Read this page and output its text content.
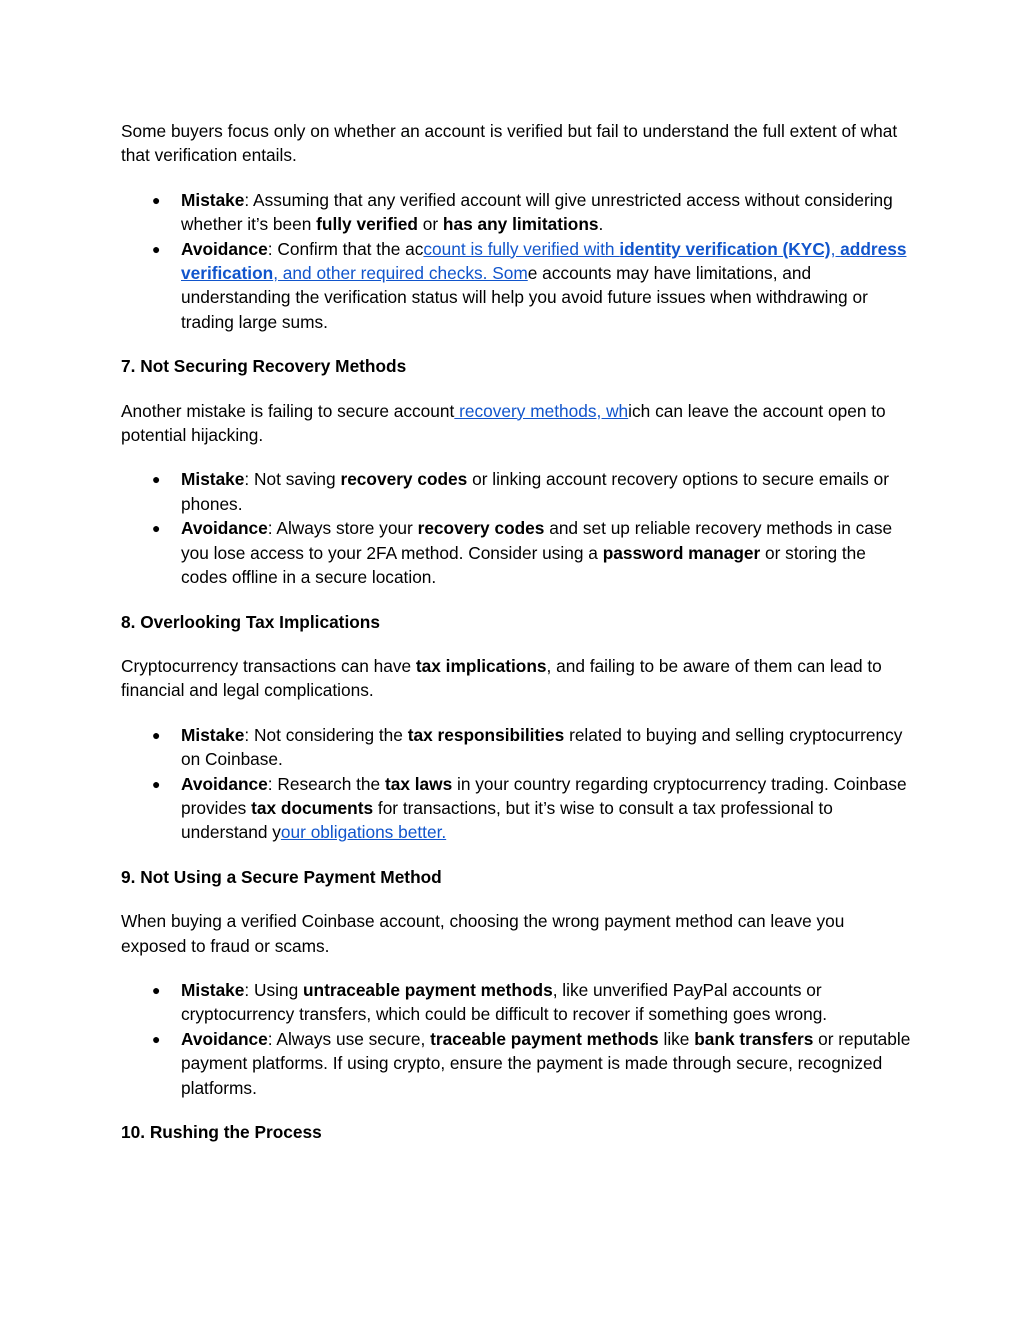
Some buyers focus only on whether an account is verified but fail to understand the full extent of what that verification entails.

● Mistake: Assuming that any verified account will give unrestricted access without considering whether it’s been fully verified or has any limitations.
● Avoidance: Confirm that the account is fully verified with identity verification (KYC), address verification, and other required checks. Some accounts may have limitations, and understanding the verification status will help you avoid future issues when withdrawing or trading large sums.

7. Not Securing Recovery Methods

Another mistake is failing to secure account recovery methods, which can leave the account open to potential hijacking.

● Mistake: Not saving recovery codes or linking account recovery options to secure emails or phones.
● Avoidance: Always store your recovery codes and set up reliable recovery methods in case you lose access to your 2FA method. Consider using a password manager or storing the codes offline in a secure location.

8. Overlooking Tax Implications

Cryptocurrency transactions can have tax implications, and failing to be aware of them can lead to financial and legal complications.

● Mistake: Not considering the tax responsibilities related to buying and selling cryptocurrency on Coinbase.
● Avoidance: Research the tax laws in your country regarding cryptocurrency trading. Coinbase provides tax documents for transactions, but it’s wise to consult a tax professional to understand your obligations better.

9. Not Using a Secure Payment Method

When buying a verified Coinbase account, choosing the wrong payment method can leave you exposed to fraud or scams.

● Mistake: Using untraceable payment methods, like unverified PayPal accounts or cryptocurrency transfers, which could be difficult to recover if something goes wrong.
● Avoidance: Always use secure, traceable payment methods like bank transfers or reputable payment platforms. If using crypto, ensure the payment is made through secure, recognized platforms.

10. Rushing the Process
